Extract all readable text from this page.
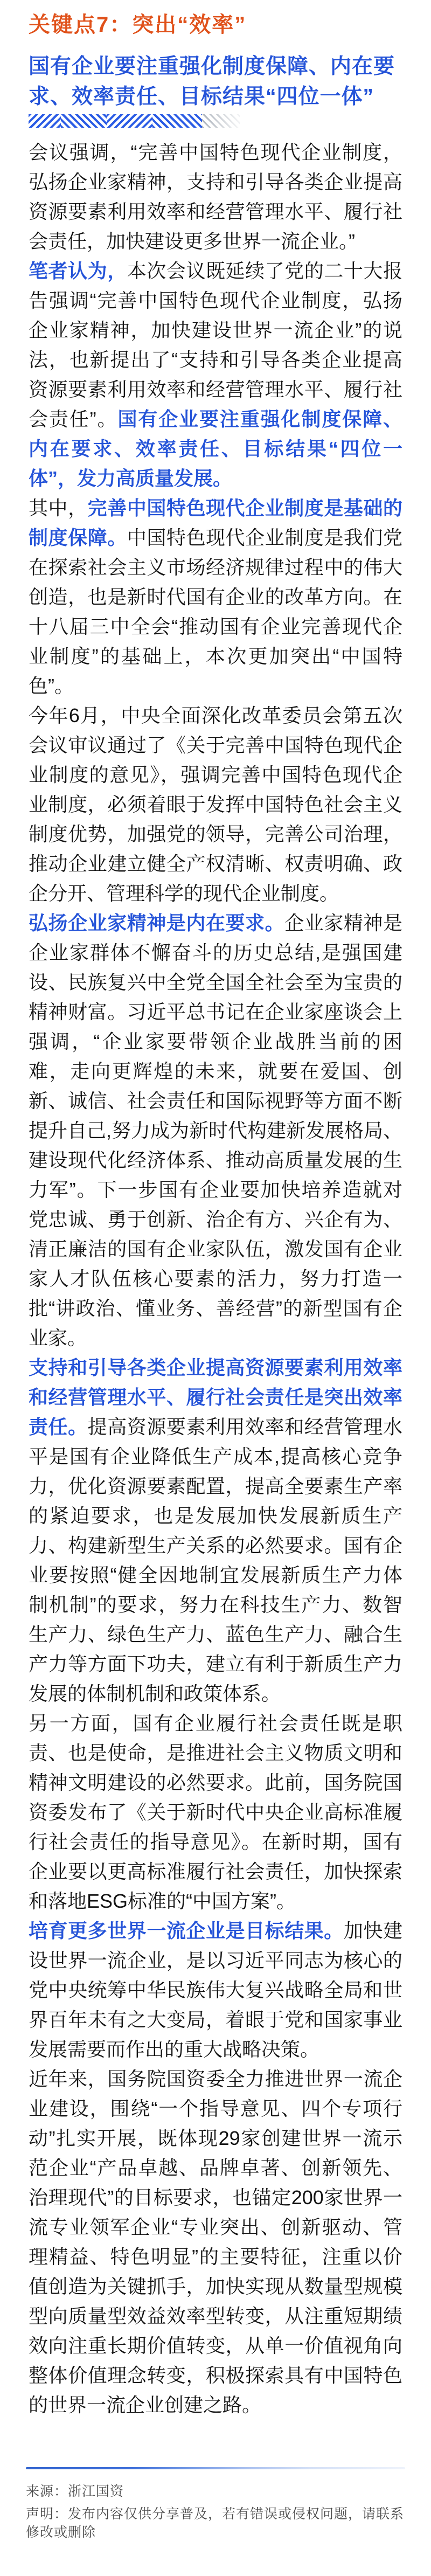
关键点7：突出“效率”
国有企业要注重强化制度保障、内在要求、效率责任、目标结果“四位一体”

会议强调，“完善中国特色现代企业制度，弘扬企业家精神，支持和引导各类企业提高资源要素利用效率和经营管理水平、履行社会责任，加快建设更多世界一流企业。”

笔者认为，本次会议既延续了党的二十大报告强调“完善中国特色现代企业制度，弘扬企业家精神，加快建设世界一流企业”的说法，也新提出了“支持和引导各类企业提高资源要素利用效率和经营管理水平、履行社会责任”。国有企业要注重强化制度保障、内在要求、效率责任、目标结果“四位一体”，发力高质量发展。

其中，完善中国特色现代企业制度是基础的制度保障。中国特色现代企业制度是我们党在探索社会主义市场经济规律过程中的伟大创造，也是新时代国有企业的改革方向。在十八届三中全会“推动国有企业完善现代企业制度”的基础上，本次更加突出“中国特色”。

今年6月，中央全面深化改革委员会第五次会议审议通过了《关于完善中国特色现代企业制度的意见》，强调完善中国特色现代企业制度，必须着眼于发挥中国特色社会主义制度优势，加强党的领导，完善公司治理，推动企业建立健全产权清晰、权责明确、政企分开、管理科学的现代企业制度。

弘扬企业家精神是内在要求。企业家精神是企业家群体不懈奋斗的历史总结,是强国建设、民族复兴中全党全国全社会至为宝贵的精神财富。习近平总书记在企业家座谈会上强调，“企业家要带领企业战胜当前的困难，走向更辉煌的未来，就要在爱国、创新、诚信、社会责任和国际视野等方面不断提升自己,努力成为新时代构建新发展格局、建设现代化经济体系、推动高质量发展的生力军”。下一步国有企业要加快培养造就对党忠诚、勇于创新、治企有方、兴企有为、清正廉洁的国有企业家队伍，激发国有企业家人才队伍核心要素的活力，努力打造一批“讲政治、懂业务、善经营”的新型国有企业家。

支持和引导各类企业提高资源要素利用效率和经营管理水平、履行社会责任是突出效率责任。提高资源要素利用效率和经营管理水平是国有企业降低生产成本,提高核心竞争力，优化资源要素配置，提高全要素生产率的紧迫要求，也是发展加快发展新质生产力、构建新型生产关系的必然要求。国有企业要按照“健全因地制宜发展新质生产力体制机制”的要求，努力在科技生产力、数智生产力、绿色生产力、蓝色生产力、融合生产力等方面下功夫，建立有利于新质生产力发展的体制机制和政策体系。

另一方面，国有企业履行社会责任既是职责、也是使命，是推进社会主义物质文明和精神文明建设的必然要求。此前，国务院国资委发布了《关于新时代中央企业高标准履行社会责任的指导意见》。在新时期，国有企业要以更高标准履行社会责任，加快探索和落地ESG标准的“中国方案”。

培育更多世界一流企业是目标结果。加快建设世界一流企业，是以习近平同志为核心的党中央统筹中华民族伟大复兴战略全局和世界百年未有之大变局，着眼于党和国家事业发展需要而作出的重大战略决策。

近年来，国务院国资委全力推进世界一流企业建设，围绕“一个指导意见、四个专项行动”扎实开展，既体现29家创建世界一流示范企业“产品卓越、品牌卓著、创新领先、治理现代”的目标要求，也锚定200家世界一流专业领军企业“专业突出、创新驱动、管理精益、特色明显”的主要特征，注重以价值创造为关键抓手，加快实现从数量型规模型向质量型效益效率型转变，从注重短期绩效向注重长期价值转变，从单一价值视角向整体价值理念转变，积极探索具有中国特色的世界一流企业创建之路。

来源：浙江国资
声明：发布内容仅供分享普及，若有错误或侵权问题，请联系修改或删除
